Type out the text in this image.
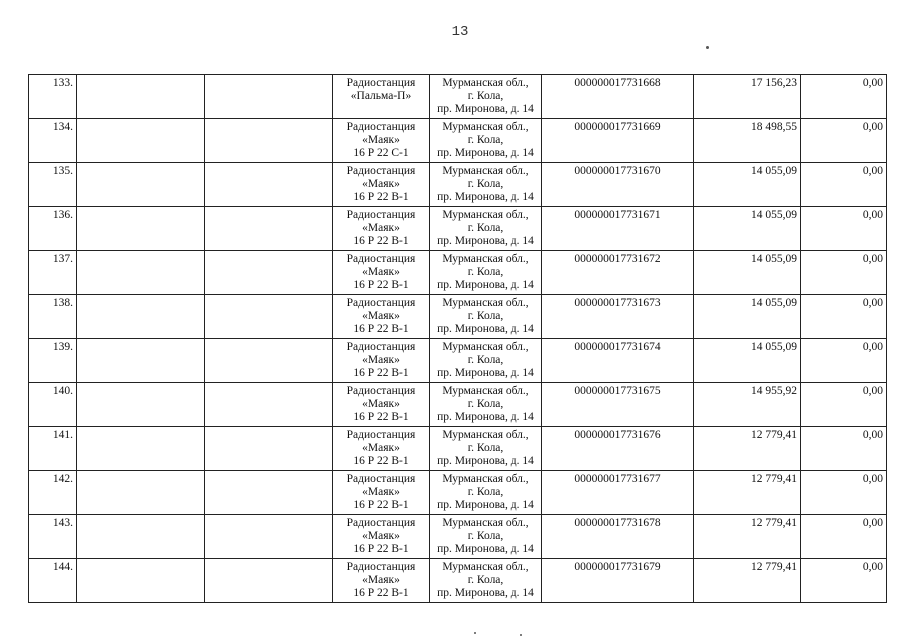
13
133.			Радиостанция
«Пальма-П»	Мурманская обл.,
г. Кола,
пр. Миронова, д. 14	000000017731668	17 156,23	0,00
134.			Радиостанция
«Маяк»
16 Р 22 С-1	Мурманская обл.,
г. Кола,
пр. Миронова, д. 14	000000017731669	18 498,55	0,00
135.			Радиостанция
«Маяк»
16 Р 22 В-1	Мурманская обл.,
г. Кола,
пр. Миронова, д. 14	000000017731670	14 055,09	0,00
136.			Радиостанция
«Маяк»
16 Р 22 В-1	Мурманская обл.,
г. Кола,
пр. Миронова, д. 14	000000017731671	14 055,09	0,00
137.			Радиостанция
«Маяк»
16 Р 22 В-1	Мурманская обл.,
г. Кола,
пр. Миронова, д. 14	000000017731672	14 055,09	0,00
138.			Радиостанция
«Маяк»
16 Р 22 В-1	Мурманская обл.,
г. Кола,
пр. Миронова, д. 14	000000017731673	14 055,09	0,00
139.			Радиостанция
«Маяк»
16 Р 22 В-1	Мурманская обл.,
г. Кола,
пр. Миронова, д. 14	000000017731674	14 055,09	0,00
140.			Радиостанция
«Маяк»
16 Р 22 В-1	Мурманская обл.,
г. Кола,
пр. Миронова, д. 14	000000017731675	14 955,92	0,00
141.			Радиостанция
«Маяк»
16 Р 22 В-1	Мурманская обл.,
г. Кола,
пр. Миронова, д. 14	000000017731676	12 779,41	0,00
142.			Радиостанция
«Маяк»
16 Р 22 В-1	Мурманская обл.,
г. Кола,
пр. Миронова, д. 14	000000017731677	12 779,41	0,00
143.			Радиостанция
«Маяк»
16 Р 22 В-1	Мурманская обл.,
г. Кола,
пр. Миронова, д. 14	000000017731678	12 779,41	0,00
144.			Радиостанция
«Маяк»
16 Р 22 В-1	Мурманская обл.,
г. Кола,
пр. Миронова, д. 14	000000017731679	12 779,41	0,00
